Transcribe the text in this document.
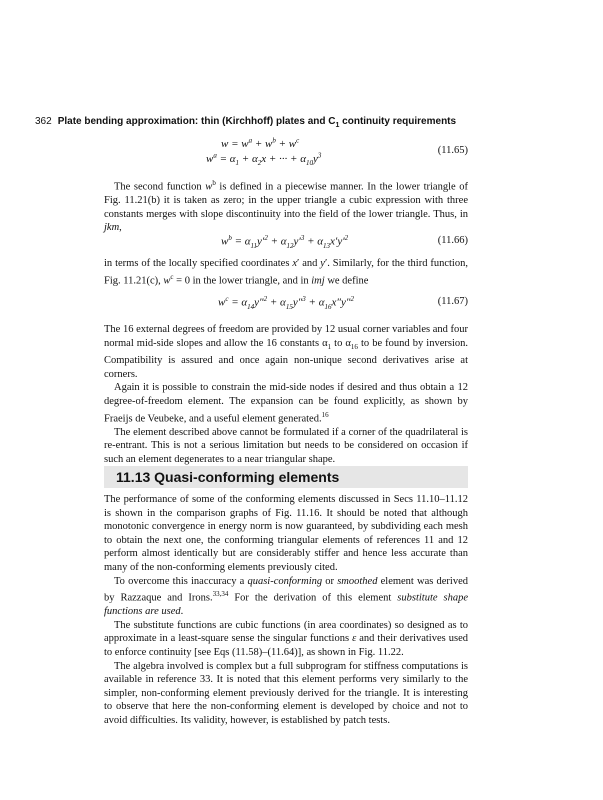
362 Plate bending approximation: thin (Kirchhoff) plates and $C_1$ continuity requirements
$w = w^a + w^b + w^c$
$w^a = \alpha_1 + \alpha_2x$ + ··· + $\alpha_{10}y^3$	(11.65)

The second function $w^b$ is defined in a piecewise manner. In the lower triangle of Fig. 11.21(b) it is taken as zero; in the upper triangle a cubic expression with three constants merges with slope discontinuity into the field of the lower triangle. Thus, in jkm,

$w^b = \alpha_{11}y'^2 + \alpha_{12}y'^3 + \alpha_{13}x'y'^2$	(11.66)

in terms of the locally specified coordinates x′ and y′. Similarly, for the third function, Fig. 11.21(c), $w^c = 0$ in the lower triangle, and in imj we define

$w^c = \alpha_{14}y''^2 + \alpha_{15}y''^3 + \alpha_{16}x''y''^2$	(11.67)

The 16 external degrees of freedom are provided by 12 usual corner variables and four normal mid-side slopes and allow the 16 constants $\alpha_1$ to $\alpha_{16}$ to be found by inversion. Compatibility is assured and once again non-unique second derivatives arise at corners.

Again it is possible to constrain the mid-side nodes if desired and thus obtain a 12 degree-of-freedom element. The expansion can be found explicitly, as shown by Fraeijs de Veubeke, and a useful element generated.$^{16}$

The element described above cannot be formulated if a corner of the quadrilateral is re-entrant. This is not a serious limitation but needs to be considered on occasion if such an element degenerates to a near triangular shape.

11.13 Quasi-conforming elements

The performance of some of the conforming elements discussed in Secs 11.10–11.12 is shown in the comparison graphs of Fig. 11.16. It should be noted that although monotonic convergence in energy norm is now guaranteed, by subdividing each mesh to obtain the next one, the conforming triangular elements of references 11 and 12 perform almost identically but are considerably stiffer and hence less accurate than many of the non-conforming elements previously cited.

To overcome this inaccuracy a quasi-conforming or smoothed element was derived by Razzaque and Irons.$^{33,34}$ For the derivation of this element substitute shape functions are used.

The substitute functions are cubic functions (in area coordinates) so designed as to approximate in a least-square sense the singular functions ε and their derivatives used to enforce continuity [see Eqs (11.58)–(11.64)], as shown in Fig. 11.22.

The algebra involved is complex but a full subprogram for stiffness computations is available in reference 33. It is noted that this element performs very similarly to the simpler, non-conforming element previously derived for the triangle. It is interesting to observe that here the non-conforming element is developed by choice and not to avoid difficulties. Its validity, however, is established by patch tests.
